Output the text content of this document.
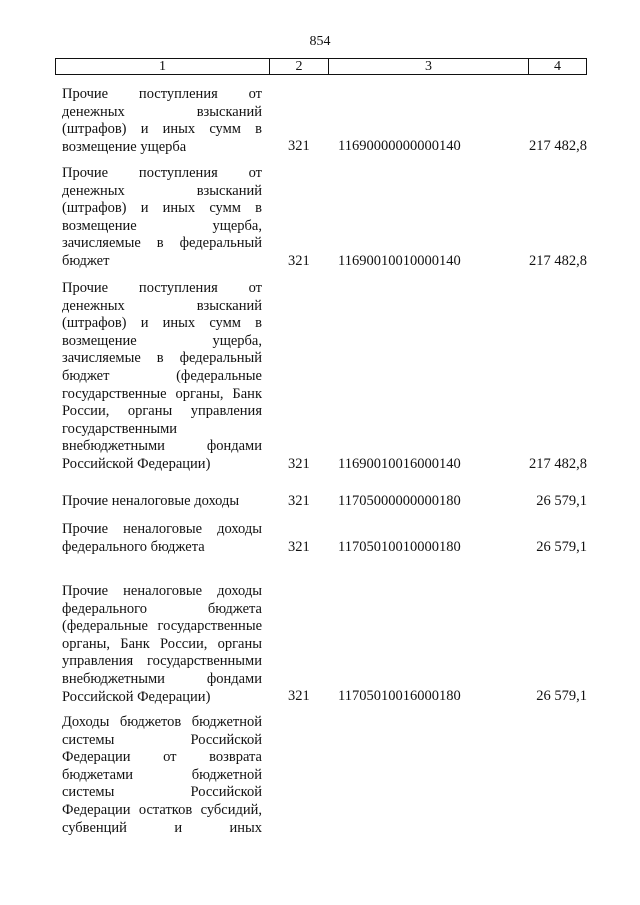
854
1	2	3	4
Прочие поступления от
денежных взысканий
(штрафов) и иных сумм в
возмещение ущерба	321 11690000000000140	217 482,8
Прочие поступления от
денежных взысканий
(штрафов) и иных сумм в
возмещение ущерба,
зачисляемые в федеральный
бюджет	321 11690010010000140	217 482,8
Прочие поступления от
денежных взысканий
(штрафов) и иных сумм в
возмещение ущерба,
зачисляемые в федеральный
бюджет (федеральные
государственные органы, Банк
России, органы управления
государственными
внебюджетными фондами
Российской Федерации)	321 11690010016000140	217 482,8
Прочие неналоговые доходы	321 11705000000000180	26 579,1
Прочие неналоговые доходы
федерального бюджета	321 11705010010000180	26 579,1
Прочие неналоговые доходы
федерального бюджета
(федеральные государственные
органы, Банк России, органы
управления государственными
внебюджетными фондами
Российской Федерации)	321 11705010016000180	26 579,1
Доходы бюджетов бюджетной
системы Российской
Федерации от возврата
бюджетами бюджетной
системы Российской
Федерации остатков субсидий,
субвенций и иных
